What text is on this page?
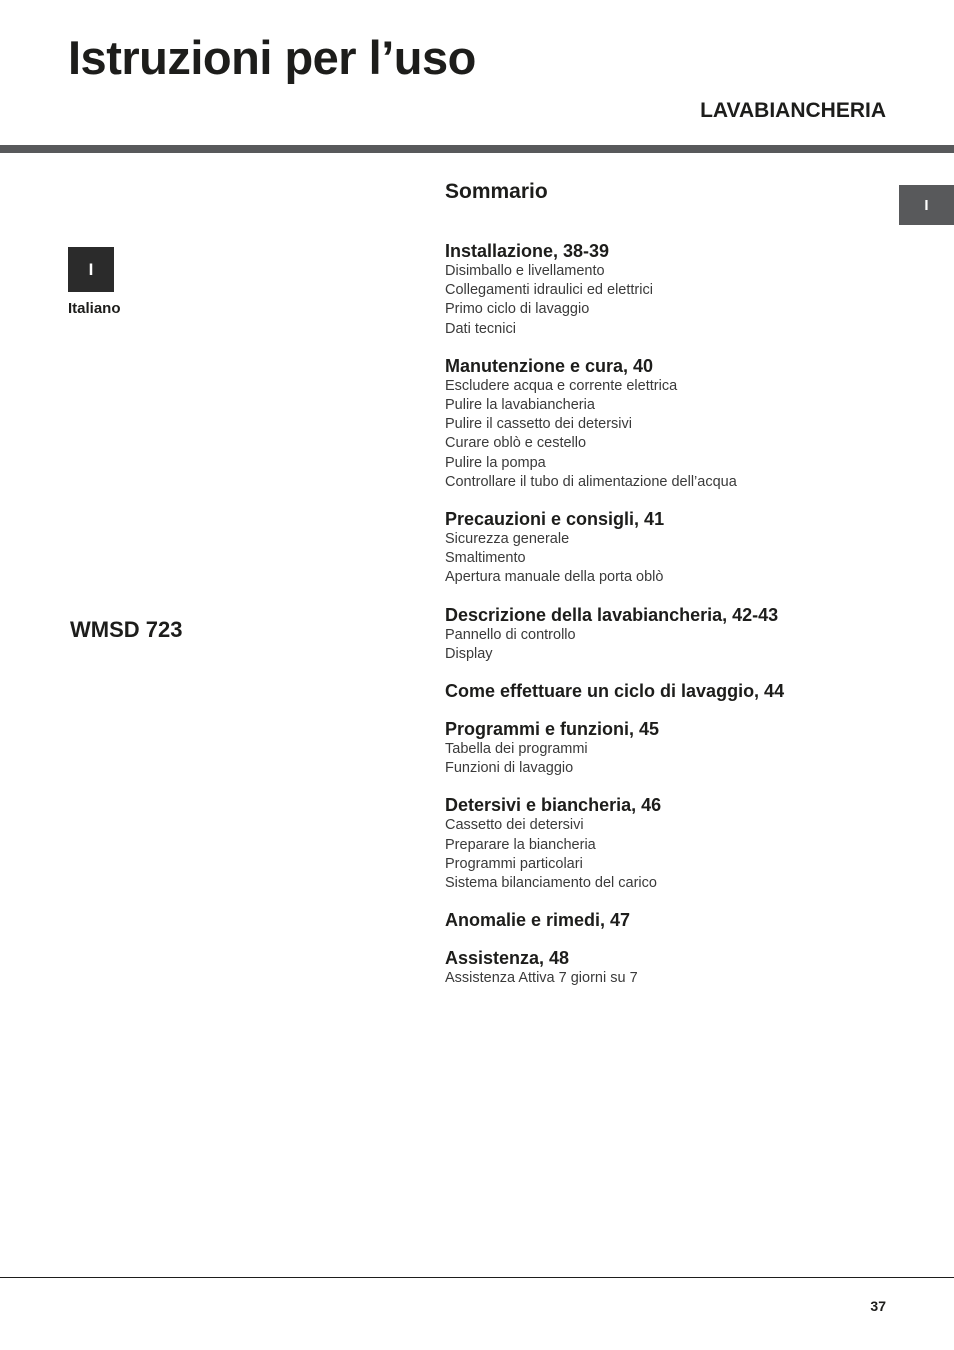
Istruzioni per l’uso
LAVABIANCHERIA
I
I
Italiano
WMSD 723
Sommario
Installazione, 38-39
Disimballo e livellamento
Collegamenti idraulici ed elettrici
Primo ciclo di lavaggio
Dati tecnici
Manutenzione e cura, 40
Escludere acqua e corrente elettrica
Pulire la lavabiancheria
Pulire il cassetto dei detersivi
Curare oblò e cestello
Pulire la pompa
Controllare il tubo di alimentazione dell’acqua
Precauzioni e consigli, 41
Sicurezza generale
Smaltimento
Apertura manuale della porta oblò
Descrizione della lavabiancheria, 42-43
Pannello di controllo
Display
Come effettuare un ciclo di lavaggio, 44
Programmi e funzioni, 45
Tabella dei programmi
Funzioni di lavaggio
Detersivi e biancheria, 46
Cassetto dei detersivi
Preparare la biancheria
Programmi particolari
Sistema bilanciamento del carico
Anomalie e rimedi, 47
Assistenza, 48
Assistenza Attiva 7 giorni su 7
37
